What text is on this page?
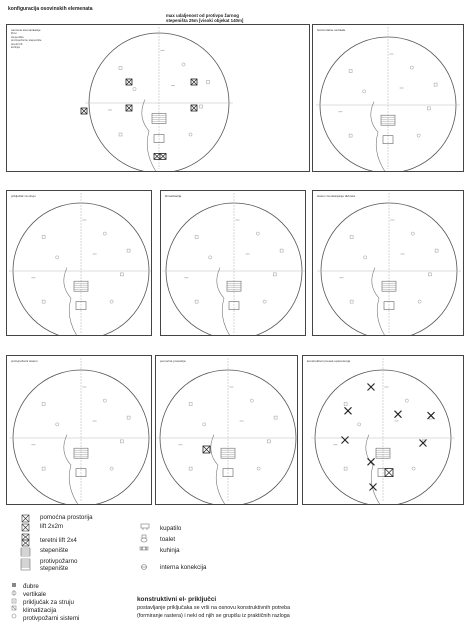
konfiguracija osovinskih elemenata
max udaljenost od protivpo žarnog
stepeništa 25m [visoki objekat 140m]
osnovne komunikacije
lifovi
stepenište
protivpožarno stepenište
teretni lift
kuhinja
horizontalne vertikale
priključak za struju	klimatizacija	sistem za uklanjanje đubreta
protivpožarni sistem	pomoćna prostorija	konstruktivni presek opterećenja
pomoćna prostorija
lift 2x2m
teretni lift 2x4
stepenište
protivpožarno stepenište
kupatilo
toalet
kuhinja
interna konekcija
đubre
vertikale
priključak za struju
klimatizacija
protivpožarni sistemi
konstruktivni el- priključci
postavljanje priključaka se vrši na osnovu konstruktivnih potreba
(formiranje rastera) i neki od njih se grupišu iz praktičnih razloga
